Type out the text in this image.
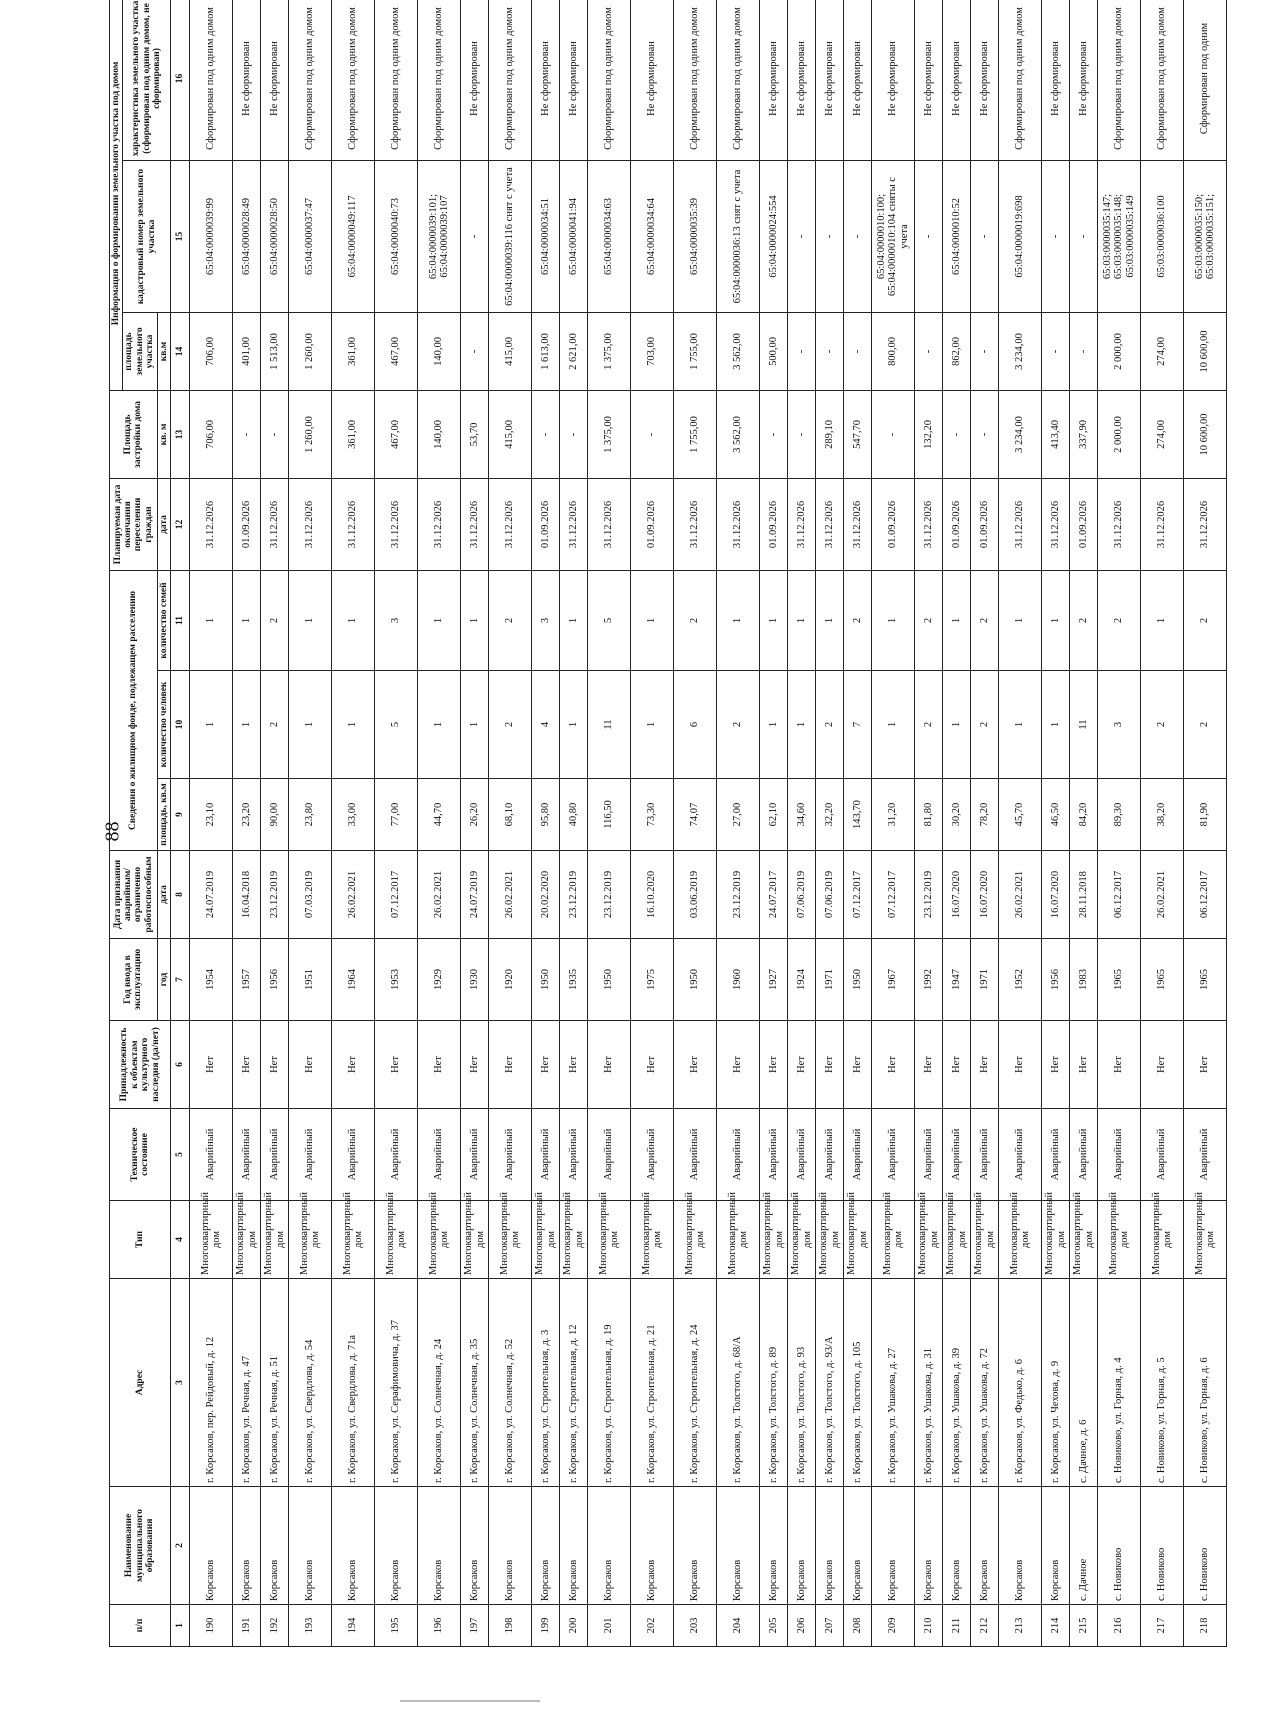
88
п/п	Наименование муниципального образования	Адрес	Тип	Техническое состояние	Принадлежность к объектам культурного наследия (да/нет)	Год ввода в эксплуатацию	Дата признания аварийным/ограниченно работоспособным	Сведения о жилищном фонде, подлежащем расселению			Планируемая дата окончания переселения граждан	Площадь застройки дома	Информация о формировании земельного участка под домом		
													площадь земельного участка	кадастровый номер земельного участка	характеристика земельного участка (сформирован под одним домом, не сформирован)
						год	дата	площадь, кв.м	количество человек	количество семей	дата	кв. м	кв.м		
1	2	3	4	5	6	7	8	9	10	11	12	13	14	15	16
190	Корсаков	г. Корсаков, пер. Рейдовый, д. 12	Многоквартирный дом	Аварийный	Нет	1954	24.07.2019	23,10	1	1	31.12.2026	706,00	706,00	65:04:0000039:99	Сформирован под одним домом
191	Корсаков	г. Корсаков, ул. Речная, д. 47	Многоквартирный дом	Аварийный	Нет	1957	16.04.2018	23,20	1	1	01.09.2026	-	401,00	65:04:0000028:49	Не сформирован
192	Корсаков	г. Корсаков, ул. Речная, д. 51	Многоквартирный дом	Аварийный	Нет	1956	23.12.2019	90,00	2	2	31.12.2026	-	1 513,00	65:04:0000028:50	Не сформирован
193	Корсаков	г. Корсаков, ул. Свердлова, д. 54	Многоквартирный дом	Аварийный	Нет	1951	07.03.2019	23,80	1	1	31.12.2026	1 260,00	1 260,00	65:04:0000037:47	Сформирован под одним домом
194	Корсаков	г. Корсаков, ул. Свердлова, д. 71а	Многоквартирный дом	Аварийный	Нет	1964	26.02.2021	33,00	1	1	31.12.2026	361,00	361,00	65:04:0000049:117	Сформирован под одним домом
195	Корсаков	г. Корсаков, ул. Серафимовича, д. 37	Многоквартирный дом	Аварийный	Нет	1953	07.12.2017	77,00	5	3	31.12.2026	467,00	467,00	65:04:0000040:73	Сформирован под одним домом
196	Корсаков	г. Корсаков, ул. Солнечная, д. 24	Многоквартирный дом	Аварийный	Нет	1929	26.02.2021	44,70	1	1	31.12.2026	140,00	140,00	65:04:0000039:101; 65:04:0000039:107	Сформирован под одним домом
197	Корсаков	г. Корсаков, ул. Солнечная, д. 35	Многоквартирный дом	Аварийный	Нет	1930	24.07.2019	26,20	1	1	31.12.2026	53,70	-	-	Не сформирован
198	Корсаков	г. Корсаков, ул. Солнечная, д. 52	Многоквартирный дом	Аварийный	Нет	1920	26.02.2021	68,10	2	2	31.12.2026	415,00	415,00	65:04:0000039:116 снят с учета	Сформирован под одним домом
199	Корсаков	г. Корсаков, ул. Строительная, д. 3	Многоквартирный дом	Аварийный	Нет	1950	20.02.2020	95,80	4	3	01.09.2026	-	1 613,00	65:04:0000034:51	Не сформирован
200	Корсаков	г. Корсаков, ул. Строительная, д. 12	Многоквартирный дом	Аварийный	Нет	1935	23.12.2019	40,80	1	1	31.12.2026	-	2 621,00	65:04:0000041:94	Не сформирован
201	Корсаков	г. Корсаков, ул. Строительная, д. 19	Многоквартирный дом	Аварийный	Нет	1950	23.12.2019	116,50	11	5	31.12.2026	1 375,00	1 375,00	65:04:0000034:63	Сформирован под одним домом
202	Корсаков	г. Корсаков, ул. Строительная, д. 21	Многоквартирный дом	Аварийный	Нет	1975	16.10.2020	73,30	1	1	01.09.2026	-	703,00	65:04:0000034:64	Не сформирован
203	Корсаков	г. Корсаков, ул. Строительная, д. 24	Многоквартирный дом	Аварийный	Нет	1950	03.06.2019	74,07	6	2	31.12.2026	1 755,00	1 755,00	65:04:0000035:39	Сформирован под одним домом
204	Корсаков	г. Корсаков, ул. Толстого, д. 68/А	Многоквартирный дом	Аварийный	Нет	1960	23.12.2019	27,00	2	1	31.12.2026	3 562,00	3 562,00	65:04:0000036:13 снят с учета	Сформирован под одним домом
205	Корсаков	г. Корсаков, ул. Толстого, д. 89	Многоквартирный дом	Аварийный	Нет	1927	24.07.2017	62,10	1	1	01.09.2026	-	500,00	65:04:0000024:554	Не сформирован
206	Корсаков	г. Корсаков, ул. Толстого, д. 93	Многоквартирный дом	Аварийный	Нет	1924	07.06.2019	34,60	1	1	31.12.2026	-	-	-	Не сформирован
207	Корсаков	г. Корсаков, ул. Толстого, д. 93/А	Многоквартирный дом	Аварийный	Нет	1971	07.06.2019	32,20	2	1	31.12.2026	289,10	-	-	Не сформирован
208	Корсаков	г. Корсаков, ул. Толстого, д. 105	Многоквартирный дом	Аварийный	Нет	1950	07.12.2017	143,70	7	2	31.12.2026	547,70	-	-	Не сформирован
209	Корсаков	г. Корсаков, ул. Ушакова, д. 27	Многоквартирный дом	Аварийный	Нет	1967	07.12.2017	31,20	1	1	01.09.2026	-	800,00	65:04:0000010:100; 65:04:0000010:104 сняты с учета	Не сформирован
210	Корсаков	г. Корсаков, ул. Ушакова, д. 31	Многоквартирный дом	Аварийный	Нет	1992	23.12.2019	81,80	2	2	31.12.2026	132,20	-	-	Не сформирован
211	Корсаков	г. Корсаков, ул. Ушакова, д. 39	Многоквартирный дом	Аварийный	Нет	1947	16.07.2020	30,20	1	1	01.09.2026	-	862,00	65:04:0000010:52	Не сформирован
212	Корсаков	г. Корсаков, ул. Ушакова, д. 72	Многоквартирный дом	Аварийный	Нет	1971	16.07.2020	78,20	2	2	01.09.2026	-	-	-	Не сформирован
213	Корсаков	г. Корсаков, ул. Федько, д. 6	Многоквартирный дом	Аварийный	Нет	1952	26.02.2021	45,70	1	1	31.12.2026	3 234,00	3 234,00	65:04:0000019:698	Сформирован под одним домом
214	Корсаков	г. Корсаков, ул. Чехова, д. 9	Многоквартирный дом	Аварийный	Нет	1956	16.07.2020	46,50	1	1	31.12.2026	413,40	-	-	Не сформирован
215	с. Дачное	с. Дачное, д. 6	Многоквартирный дом	Аварийный	Нет	1983	28.11.2018	84,20	11	2	01.09.2026	337,90	-	-	Не сформирован
216	с. Новиково	с. Новиково, ул. Горная, д. 4	Многоквартирный дом	Аварийный	Нет	1965	06.12.2017	89,30	3	2	31.12.2026	2 000,00	2 000,00	65:03:0000035:147; 65:03:0000035:148; 65:03:0000035:149	Сформирован под одним домом
217	с. Новиково	с. Новиково, ул. Горная, д. 5	Многоквартирный дом	Аварийный	Нет	1965	26.02.2021	38,20	2	1	31.12.2026	274,00	274,00	65:03:0000036:100	Сформирован под одним домом
218	с. Новиково	с. Новиково, ул. Горная, д. 6	Многоквартирный дом	Аварийный	Нет	1965	06.12.2017	81,90	2	2	31.12.2026	10 600,00	10 600,00	65:03:0000035:150; 65:03:0000035:151;	Сформирован под одним
